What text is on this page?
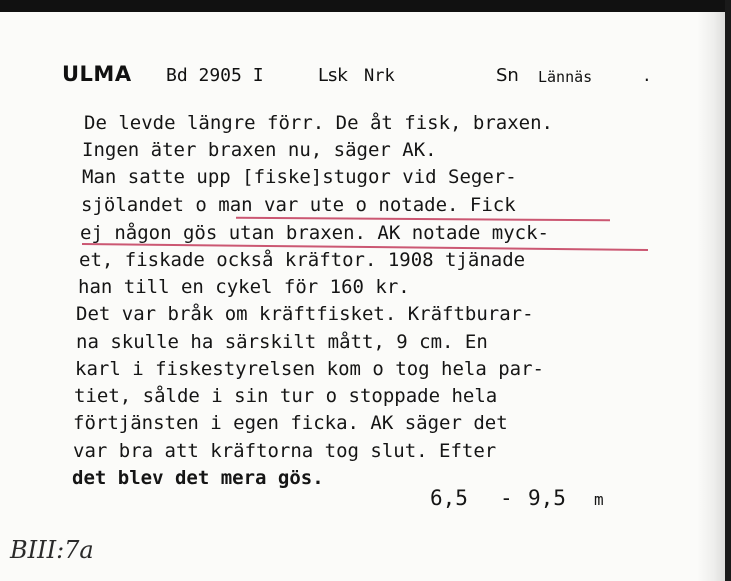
ULMA Bd 2905 I	Lsk Nrk	Sn Lännäs	.
De levde längre förr. De åt fisk, braxen.
Ingen äter braxen nu, säger AK.
Man satte upp [fiske]stugor vid Seger-
sjölandet o man var ute o notade. Fick
ej någon gös utan braxen. AK notade myck-
et, fiskade också kräftor. 1908 tjänade
han till en cykel för 160 kr.
Det var bråk om kräftfisket. Kräftburar-
na skulle ha särskilt mått, 9 cm. En
karl i fiskestyrelsen kom o tog hela par-
tiet, sålde i sin tur o stoppade hela
förtjänsten i egen ficka. AK säger det
var bra att kräftorna tog slut. Efter
det blev det mera gös.
6,5 - 9,5 m
BIII:7a
